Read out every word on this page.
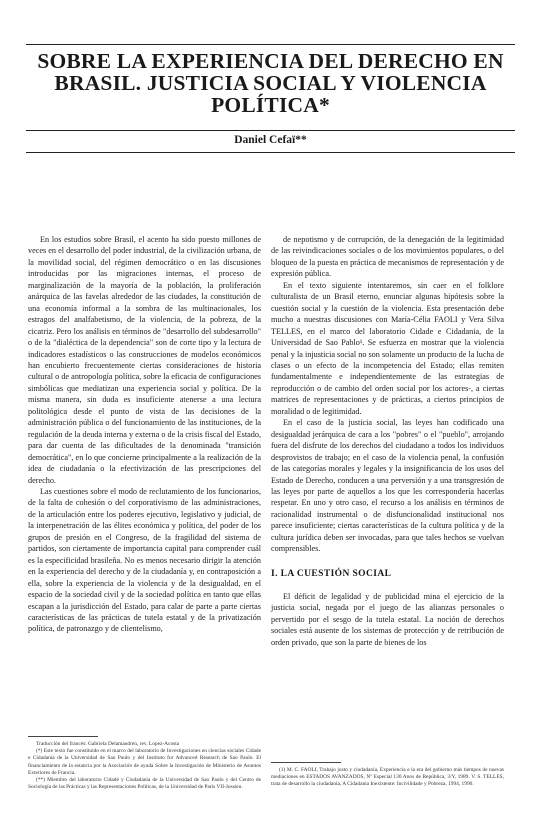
SOBRE LA EXPERIENCIA DEL DERECHO EN
BRASIL. JUSTICIA SOCIAL Y VIOLENCIA
POLÍTICA*
Daniel Cefaï**

En los estudios sobre Brasil, el acento ha sido puesto millones de veces en el desarrollo del poder industrial, de la civilización urbana, de la movilidad social, del régimen democrático o en las discusiones introducidas por las migraciones internas, el proceso de marginalización de la mayoría de la población, la proliferación anárquica de las favelas alrededor de las ciudades, la constitución de una economía informal a la sombra de las multinacionales, los estragos del analfabetismo, de la violencia, de la pobreza, de la cicatriz. Pero los análisis en términos de "desarrollo del subdesarrollo" o de la "dialéctica de la dependencia" son de corte tipo y la lectura de indicadores estadísticos o las construcciones de modelos económicos han encubierto frecuentemente ciertas consideraciones de historia cultural o de antropología política, sobre la eficacia de configuraciones simbólicas que mediatizan una experiencia social y política. De la misma manera, sin duda es insuficiente atenerse a una lectura politológica desde el punto de vista de las decisiones de la administración pública o del funcionamiento de las instituciones, de la regulación de la deuda interna y externa o de la crisis fiscal del Estado, para dar cuenta de las dificultades de la denominada "transición democrática", en lo que concierne principalmente a la realización de la idea de ciudadanía o la efectivización de las prescripciones del derecho.

Las cuestiones sobre el modo de reclutamiento de los funcionarios, de la falta de cohesión o del corporativismo de las administraciones, de la articulación entre los poderes ejecutivo, legislativo y judicial, de la interpenetración de las élites económica y política, del poder de los grupos de presión en el Congreso, de la fragilidad del sistema de partidos, son ciertamente de importancia capital para comprender cuál es la especificidad brasileña. No es menos necesario dirigir la atención en la experiencia del derecho y de la ciudadanía y, en contraposición a ella, sobre la experiencia de la violencia y de la desigualdad, en el espacio de la sociedad civil y de la sociedad política en tanto que ellas escapan a la jurisdicción del Estado, para calar de parte a parte ciertas características de las prácticas de tutela estatal y de la privatización política, de patronazgo y de clientelismo,

de nepotismo y de corrupción, de la denegación de la legitimidad de las reivindicaciones sociales o de los movimientos populares, o del bloqueo de la puesta en práctica de mecanismos de representación y de expresión pública.

En el texto siguiente intentaremos, sin caer en el folklore culturalista de un Brasil eterno, enunciar algunas hipótesis sobre la cuestión social y la cuestión de la violencia. Esta presentación debe mucho a nuestras discusiones con María-Célia FAOLI y Vera Silva TELLES, en el marco del laboratorio Cidade e Cidadania, de la Universidad de Sao Pablo¹. Se esfuerza en mostrar que la violencia penal y la injusticia social no son solamente un producto de la lucha de clases o un efecto de la incompetencia del Estado; ellas remiten fundamentalmente e independientemente de las estrategias de reproducción o de cambio del orden social por los actores-, a ciertas matrices de representaciones y de prácticas, a ciertos principios de moralidad o de legitimidad.

En el caso de la justicia social, las leyes han codificado una desigualdad jerárquica de cara a los "pobres" o el "pueblo", arrojando fuera del disfrute de los derechos del ciudadano a todos los individuos desprovistos de trabajo; en el caso de la violencia penal, la confusión de las categorías morales y legales y la insignificancia de los usos del Estado de Derecho, conducen a una perversión y a una transgresión de las leyes por parte de aquellos a los que les correspondería hacerlas respetar. En uno y otro caso, el recurso a los análisis en términos de racionalidad instrumental o de disfuncionalidad institucional nos parece insuficiente; ciertas características de la cultura política y de la cultura jurídica deben ser invocadas, para que tales hechos se vuelvan comprensibles.

I. LA CUESTIÓN SOCIAL

El déficit de legalidad y de publicidad mina el ejercicio de la justicia social, negada por el juego de las alianzas personales o pervertido por el sesgo de la tutela estatal. La noción de derechos sociales está ausente de los sistemas de protección y de retribución de orden privado, que son la parte de bienes de los

Traducción del francés: Gabriela Delamaudren, rev. Lopez-Acosta

(*) Este texto fue constituido en el marco del laboratorio de Investigaciones en ciencias sociales Cidade e Cidadania de la Universidad de Sao Paulo y del Instituto for Advanced Research de Sao Paulo. El financiamiento de la estancia por la Asociación de ayuda Sobre la Investigación de Ministerio de Asuntos Exteriores de Francia.

(**) Miembro del laboratorio Cidadé y Ciudadanía de la Universidad de Sao Paulo y del Centro de Sociología de las Prácticas y las Representaciones Políticas, de la Universidad de París VII-Jussieu.

(1) M. C. FAOLI, Trabajo justo y ciudadanía, Experiencia e la era del gobierno más tiempos de nuevas mediaciones en ESTADOS AVANZADOS, Nº Especial 130 Anos de República, 3/Y, 1989. V. S. TELLES, trata de desarrollo la ciudadanía, A Cidadania Inexistente: Incivilidade y Pobreza, 1994, 1990.
